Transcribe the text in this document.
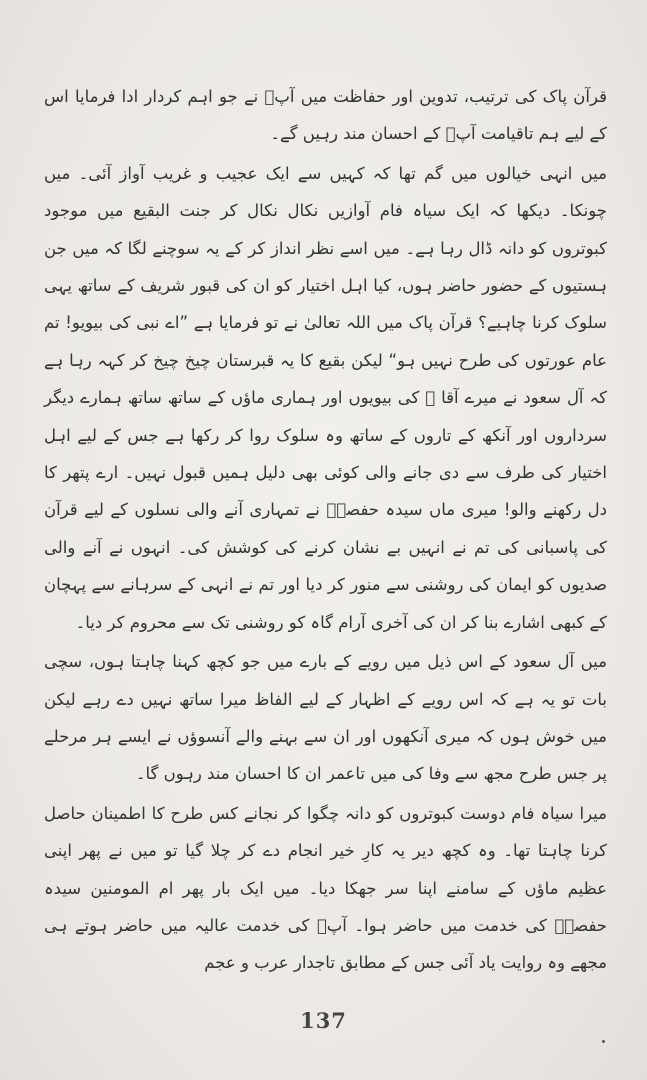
قرآن پاک کی ترتیب، تدوین اور حفاظت میں آپؓ نے جو اہم کردار ادا فرمایا اس کے لیے ہم تاقیامت آپؓ کے احسان مند رہیں گے۔

میں انہی خیالوں میں گم تھا کہ کہیں سے ایک عجیب و غریب آواز آئی۔ میں چونکا۔ دیکھا کہ ایک سیاہ فام آوازیں نکال نکال کر جنت البقیع میں موجود کبوتروں کو دانہ ڈال رہا ہے۔ میں اسے نظر انداز کر کے یہ سوچنے لگا کہ میں جن ہستیوں کے حضور حاضر ہوں، کیا اہل اختیار کو ان کی قبور شریف کے ساتھ یہی سلوک کرنا چاہیے؟ قرآن پاک میں اللہ تعالیٰ نے تو فرمایا ہے ”اے نبی کی بیویو! تم عام عورتوں کی طرح نہیں ہو“ لیکن بقیع کا یہ قبرستان چیخ چیخ کر کہہ رہا ہے کہ آل سعود نے میرے آقا ﷺ کی بیویوں اور ہماری ماؤں کے ساتھ ساتھ ہمارے دیگر سرداروں اور آنکھ کے تاروں کے ساتھ وہ سلوک روا کر رکھا ہے جس کے لیے اہل اختیار کی طرف سے دی جانے والی کوئی بھی دلیل ہمیں قبول نہیں۔ ارے پتھر کا دل رکھنے والو! میری ماں سیدہ حفصہؓ نے تمہاری آنے والی نسلوں کے لیے قرآن کی پاسبانی کی تم نے انہیں بے نشان کرنے کی کوشش کی۔ انہوں نے آنے والی صدیوں کو ایمان کی روشنی سے منور کر دیا اور تم نے انہی کے سرہانے سے پہچان کے کبھی اشارے بنا کر ان کی آخری آرام گاہ کو روشنی تک سے محروم کر دیا۔

میں آل سعود کے اس ذیل میں رویے کے بارے میں جو کچھ کہنا چاہتا ہوں، سچی بات تو یہ ہے کہ اس رویے کے اظہار کے لیے الفاظ میرا ساتھ نہیں دے رہے لیکن میں خوش ہوں کہ میری آنکھوں اور ان سے بہنے والے آنسوؤں نے ایسے ہر مرحلے پر جس طرح مجھ سے وفا کی میں تاعمر ان کا احسان مند رہوں گا۔

میرا سیاہ فام دوست کبوتروں کو دانہ چگوا کر نجانے کس طرح کا اطمینان حاصل کرنا چاہتا تھا۔ وہ کچھ دیر یہ کارِ خیر انجام دے کر چلا گیا تو میں نے پھر اپنی عظیم ماؤں کے سامنے اپنا سر جھکا دیا۔ میں ایک بار پھر ام المومنین سیدہ حفصہؓ کی خدمت میں حاضر ہوا۔ آپؓ کی خدمت عالیہ میں حاضر ہوتے ہی مجھے وہ روایت یاد آئی جس کے مطابق تاجدار عرب و عجم

137
